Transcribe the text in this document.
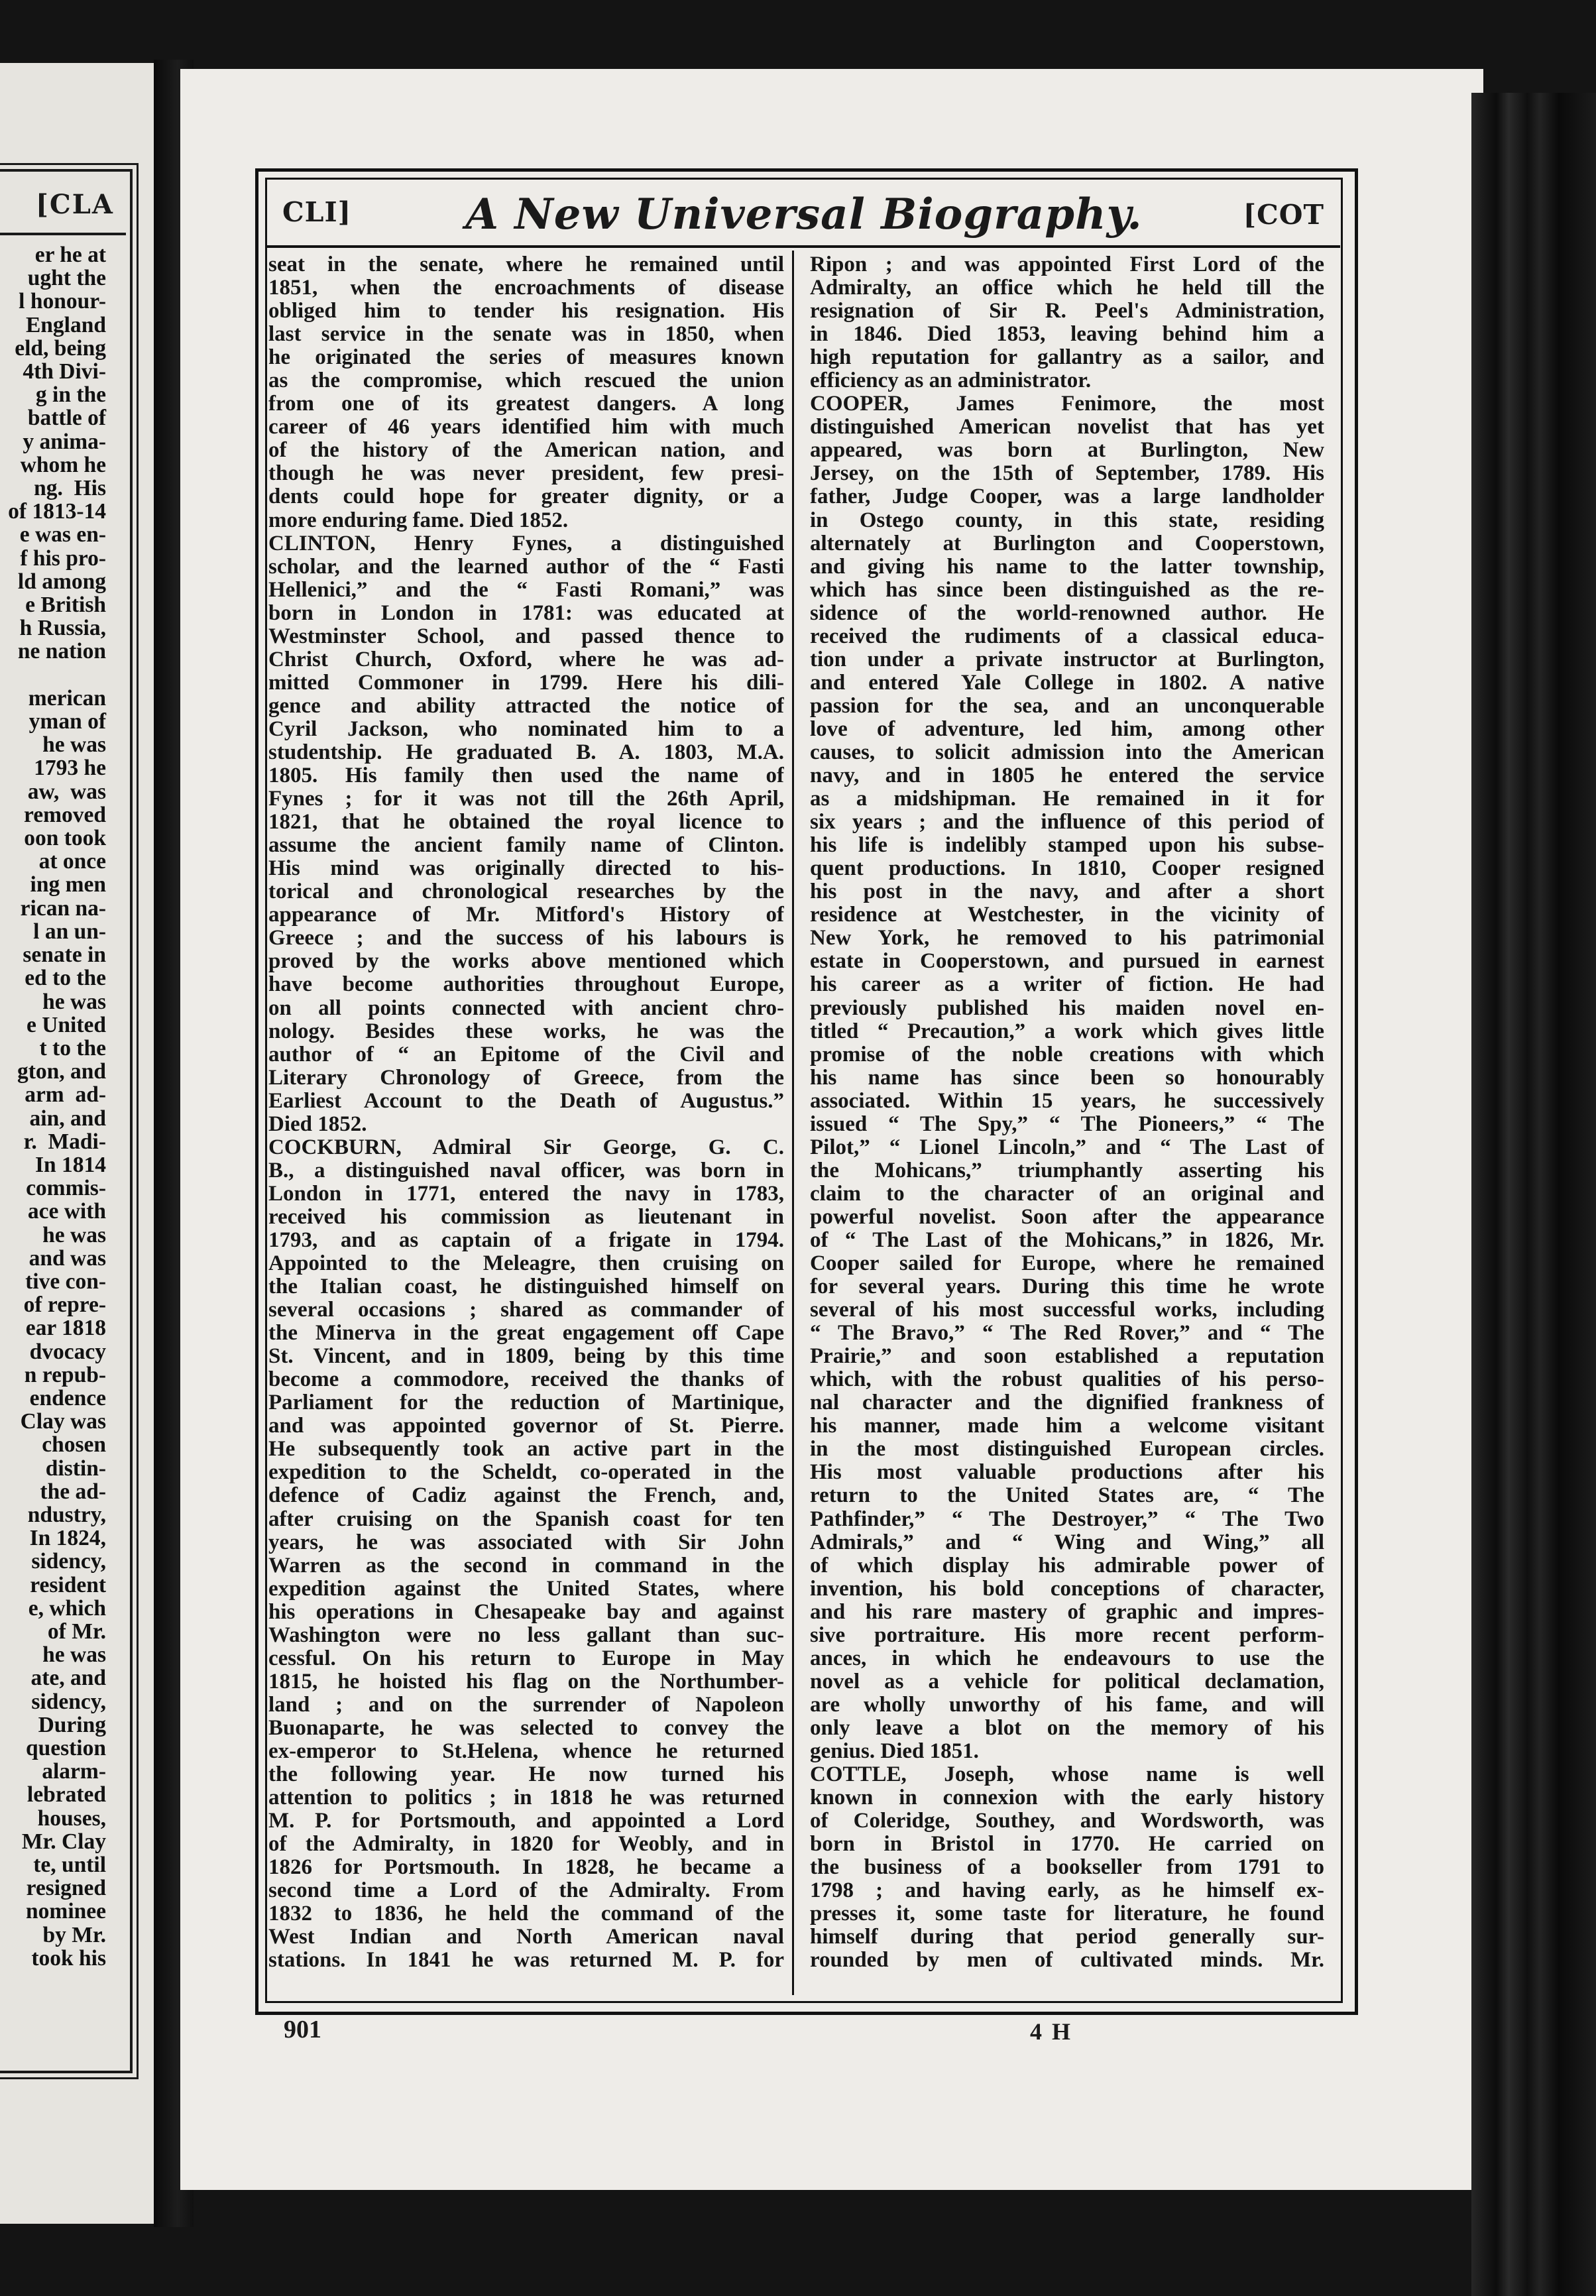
[CLA
er he at
ught the
l honour-
England
eld, being
4th Divi-
g in the
battle of
y anima-
whom he
ng.  His
of 1813-14
e was en-
f his pro-
ld among
e British
h Russia,
ne nation

merican
yman of
he was
1793 he
aw,  was
removed
oon took
at once
ing men
rican na-
l an un-
senate in
ed to the
he was
e United
t to the
gton, and
arm  ad-
ain, and
r.  Madi-
In 1814
commis-
ace with
he was
and was
tive con-
of repre-
ear 1818
dvocacy
n repub-
endence
Clay was
chosen
distin-
the ad-
ndustry,
In 1824,
sidency,
resident
e, which
of Mr.
he was
ate, and
sidency,
During
question
alarm-
lebrated
houses,
Mr. Clay
te, until
resigned
nominee
by Mr.
took his
CLI]	A New Universal Biography.	[COT
seat in the senate, where he remained until
1851, when the encroachments of disease
obliged him to tender his resignation. His
last service in the senate was in 1850, when
he originated the series of measures known
as the compromise, which rescued the union
from one of its greatest dangers. A long
career of 46 years identified him with much
of the history of the American nation, and
though he was never president, few presi-
dents could hope for greater dignity, or a
more enduring fame. Died 1852.
CLINTON, Henry Fynes, a distinguished
scholar, and the learned author of the “ Fasti
Hellenici,” and the “ Fasti Romani,” was
born in London in 1781: was educated at
Westminster School, and passed thence to
Christ Church, Oxford, where he was ad-
mitted Commoner in 1799. Here his dili-
gence and ability attracted the notice of
Cyril Jackson, who nominated him to a
studentship. He graduated B. A. 1803, M.A.
1805. His family then used the name of
Fynes ; for it was not till the 26th April,
1821, that he obtained the royal licence to
assume the ancient family name of Clinton.
His mind was originally directed to his-
torical and chronological researches by the
appearance of Mr. Mitford's History of
Greece ; and the success of his labours is
proved by the works above mentioned which
have become authorities throughout Europe,
on all points connected with ancient chro-
nology. Besides these works, he was the
author of “ an Epitome of the Civil and
Literary Chronology of Greece, from the
Earliest Account to the Death of Augustus.”
Died 1852.
COCKBURN, Admiral Sir George, G. C.
B., a distinguished naval officer, was born in
London in 1771, entered the navy in 1783,
received his commission as lieutenant in
1793, and as captain of a frigate in 1794.
Appointed to the Meleagre, then cruising on
the Italian coast, he distinguished himself on
several occasions ; shared as commander of
the Minerva in the great engagement off Cape
St. Vincent, and in 1809, being by this time
become a commodore, received the thanks of
Parliament for the reduction of Martinique,
and was appointed governor of St. Pierre.
He subsequently took an active part in the
expedition to the Scheldt, co-operated in the
defence of Cadiz against the French, and,
after cruising on the Spanish coast for ten
years, he was associated with Sir John
Warren as the second in command in the
expedition against the United States, where
his operations in Chesapeake bay and against
Washington were no less gallant than suc-
cessful. On his return to Europe in May
1815, he hoisted his flag on the Northumber-
land ; and on the surrender of Napoleon
Buonaparte, he was selected to convey the
ex-emperor to St.Helena, whence he returned
the following year. He now turned his
attention to politics ; in 1818 he was returned
M. P. for Portsmouth, and appointed a Lord
of the Admiralty, in 1820 for Weobly, and in
1826 for Portsmouth. In 1828, he became a
second time a Lord of the Admiralty. From
1832 to 1836, he held the command of the
West Indian and North American naval
stations. In 1841 he was returned M. P. for
Ripon ; and was appointed First Lord of the
Admiralty, an office which he held till the
resignation of Sir R. Peel's Administration,
in 1846. Died 1853, leaving behind him a
high reputation for gallantry as a sailor, and
efficiency as an administrator.
COOPER, James Fenimore, the most
distinguished American novelist that has yet
appeared, was born at Burlington, New
Jersey, on the 15th of September, 1789. His
father, Judge Cooper, was a large landholder
in Ostego county, in this state, residing
alternately at Burlington and Cooperstown,
and giving his name to the latter township,
which has since been distinguished as the re-
sidence of the world-renowned author. He
received the rudiments of a classical educa-
tion under a private instructor at Burlington,
and entered Yale College in 1802. A native
passion for the sea, and an unconquerable
love of adventure, led him, among other
causes, to solicit admission into the American
navy, and in 1805 he entered the service
as a midshipman. He remained in it for
six years ; and the influence of this period of
his life is indelibly stamped upon his subse-
quent productions. In 1810, Cooper resigned
his post in the navy, and after a short
residence at Westchester, in the vicinity of
New York, he removed to his patrimonial
estate in Cooperstown, and pursued in earnest
his career as a writer of fiction. He had
previously published his maiden novel en-
titled “ Precaution,” a work which gives little
promise of the noble creations with which
his name has since been so honourably
associated. Within 15 years, he successively
issued “ The Spy,” “ The Pioneers,” “ The
Pilot,” “ Lionel Lincoln,” and “ The Last of
the Mohicans,” triumphantly asserting his
claim to the character of an original and
powerful novelist. Soon after the appearance
of “ The Last of the Mohicans,” in 1826, Mr.
Cooper sailed for Europe, where he remained
for several years. During this time he wrote
several of his most successful works, including
“ The Bravo,” “ The Red Rover,” and “ The
Prairie,” and soon established a reputation
which, with the robust qualities of his perso-
nal character and the dignified frankness of
his manner, made him a welcome visitant
in the most distinguished European circles.
His most valuable productions after his
return to the United States are, “ The
Pathfinder,” “ The Destroyer,” “ The Two
Admirals,” and “ Wing and Wing,” all
of which display his admirable power of
invention, his bold conceptions of character,
and his rare mastery of graphic and impres-
sive portraiture. His more recent perform-
ances, in which he endeavours to use the
novel as a vehicle for political declamation,
are wholly unworthy of his fame, and will
only leave a blot on the memory of his
genius. Died 1851.
COTTLE, Joseph, whose name is well
known in connexion with the early history
of Coleridge, Southey, and Wordsworth, was
born in Bristol in 1770. He carried on
the business of a bookseller from 1791 to
1798 ; and having early, as he himself ex-
presses it, some taste for literature, he found
himself during that period generally sur-
rounded by men of cultivated minds. Mr.
901	4 H
